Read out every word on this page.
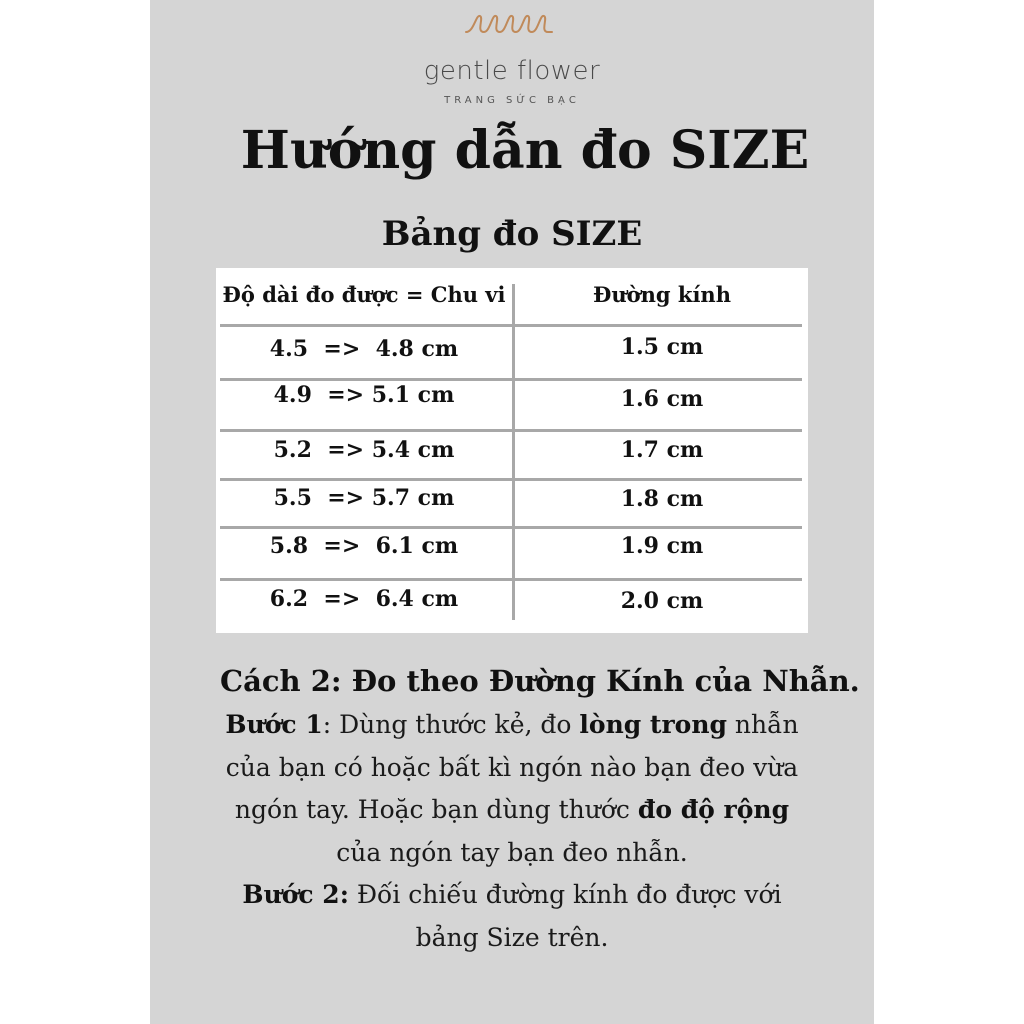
gentle flower
TRANG SỨC BẠC
Hướng dẫn đo SIZE
Bảng đo SIZE
Độ dài đo được = Chu vi	Đường kính
4.5  =>  4.8 cm	1.5 cm
4.9  => 5.1 cm	1.6 cm
5.2  => 5.4 cm	1.7 cm
5.5  => 5.7 cm	1.8 cm
5.8  =>  6.1 cm	1.9 cm
6.2  =>  6.4 cm	2.0 cm
Cách 2: Đo theo Đường Kính của Nhẫn.
Bước 1: Dùng thước kẻ, đo lòng trong nhẫn của bạn có hoặc bất kì ngón nào bạn đeo vừa ngón tay. Hoặc bạn dùng thước đo độ rộng của ngón tay bạn đeo nhẫn.
Bước 2: Đối chiếu đường kính đo được với bảng Size trên.
